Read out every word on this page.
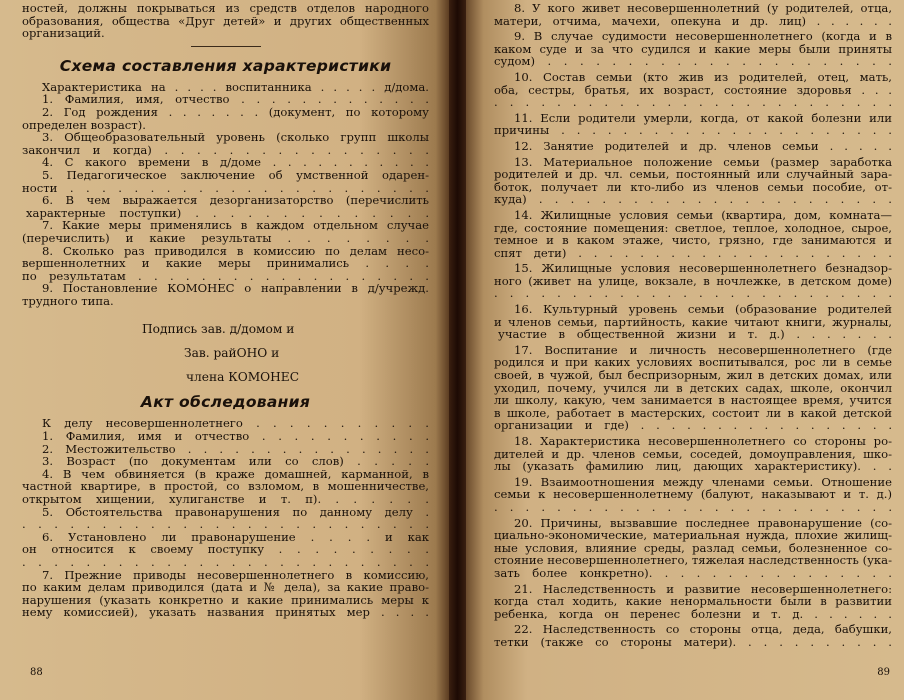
ностей, должны покрываться из средств отделов народного
образования, общества «Друг детей» и других общественных
организаций.
Схема составления характеристики
Характеристика на . . . . воспитанника . . . . . д/дома.
1. Фамилия, имя, отчество . . . . . . . . . . . . .
2. Год рождения . . . . . . . (документ, по которому
определен возраст).
3. Общеобразовательный уровень (сколько групп школы
закончил и когда) . . . . . . . . . . . . . . . . .
4. С какого времени в д/доме . . . . . . . . . . .
5. Педагогическое заключение об умственной одарен-
ности . . . . . . . . . . . . . . . . . . . . . . .
6. В чем выражается дезорганизаторство (перечислить
характерные поступки) . . . . . . . . . . . . . .
7. Какие меры применялись в каждом отдельном случае
(перечислить) и какие результаты . . . . . . . .
8. Сколько раз приводился в комиссию по делам несо-
вершеннолетних и какие меры принимались . . . .
по результатам . . . . . . . . . . . . . . . . . . .
9. Постановление КОМОНЕС о направлении в д/учрежд.
трудного типа.
Подпись зав. д/домом и
Зав. райОНО и
члена КОМОНЕС
Акт обследования
К делу несовершеннолетнего . . . . . . . . . . .
1. Фамилия, имя и отчество . . . . . . . . . . .
2. Местожительство . . . . . . . . . . . . . . . .
3. Возраст (по документам или со слов) . . . . .
4. В чем обвиняется (в краже домашней, карманной, в
частной квартире, в простой, со взломом, в мошенничестве,
открытом хищении, хулиганстве и т. п). . . . . . .
5. Обстоятельства правонарушения по данному делу .
. . . . . . . . . . . . . . . . . . . . . . . . . .
6. Установлено ли правонарушение . . . . и как
он относится к своему поступку . . . . . . . . .
. . . . . . . . . . . . . . . . . . . . . . . . . .
7. Прежние приводы несовершеннолетнего в комиссию,
по каким делам приводился (дата и № дела), за какие право-
нарушения (указать конкретно и какие принимались меры к
нему комиссией), указать названия принятых мер . . . .
88
8. У кого живет несовершеннолетний (у родителей, отца,
матери, отчима, мачехи, опекуна и др. лиц) . . . . . .
9. В случае судимости несовершеннолетнего (когда и в
каком суде и за что судился и какие меры были приняты
судом) . . . . . . . . . . . . . . . . . . . . . .
10. Состав семьи (кто жив из родителей, отец, мать,
оба, сестры, братья, их возраст, состояние здоровья . . .
. . . . . . . . . . . . . . . . . . . . . . . . . .
11. Если родители умерли, когда, от какой болезни или
причины . . . . . . . . . . . . . . . . . . . . . .
12. Занятие родителей и др. членов семьи . . . . .
13. Материальное положение семьи (размер заработка
родителей и др. чл. семьи, постоянный или случайный зара-
боток, получает ли кто-либо из членов семьи пособие, от-
куда) . . . . . . . . . . . . . . . . . . . . . . .
14. Жилищные условия семьи (квартира, дом, комната—
где, состояние помещения: светлое, теплое, холодное, сырое,
темное и в каком этаже, чисто, грязно, где занимаются и
спят дети) . . . . . . . . . . . . . . . . . . . . .
15. Жилищные условия несовершеннолетнего безнадзор-
ного (живет на улице, вокзале, в ночлежке, в детском доме)
. . . . . . . . . . . . . . . . . . . . . . . . . .
16. Культурный уровень семьи (образование родителей
и членов семьи, партийность, какие читают книги, журналы,
участие в общественной жизни и т. д.) . . . . . . .
17. Воспитание и личность несовершеннолетнего (где
родился и при каких условиях воспитывался, рос ли в семье
своей, в чужой, был беспризорным, жил в детских домах, или
уходил, почему, учился ли в детских садах, школе, окончил
ли школу, какую, чем занимается в настоящее время, учится
в школе, работает в мастерских, состоит ли в какой детской
организации и где) . . . . . . . . . . . . . . . . .
18. Характеристика несовершеннолетнего со стороны ро-
дителей и др. членов семьи, соседей, домоуправления, шко-
лы (указать фамилию лиц, дающих характеристику). . .
19. Взаимоотношения между членами семьи. Отношение
семьи к несовершеннолетнему (балуют, наказывают и т. д.)
. . . . . . . . . . . . . . . . . . . . . . . . . .
20. Причины, вызвавшие последнее правонарушение (со-
циально-экономические, материальная нужда, плохие жилищ-
ные условия, влияние среды, разлад семьи, болезненное со-
стояние несовершеннолетнего, тяжелая наследственность (ука-
зать более конкретно). . . . . . . . . . . . . . . .
21. Наследственность и развитие несовершеннолетнего:
когда стал ходить, какие ненормальности были в развитии
ребенка, когда он перенес болезни и т. д. . . . . . .
22. Наследственность со стороны отца, деда, бабушки,
тетки (также со стороны матери). . . . . . . . . . .
89
